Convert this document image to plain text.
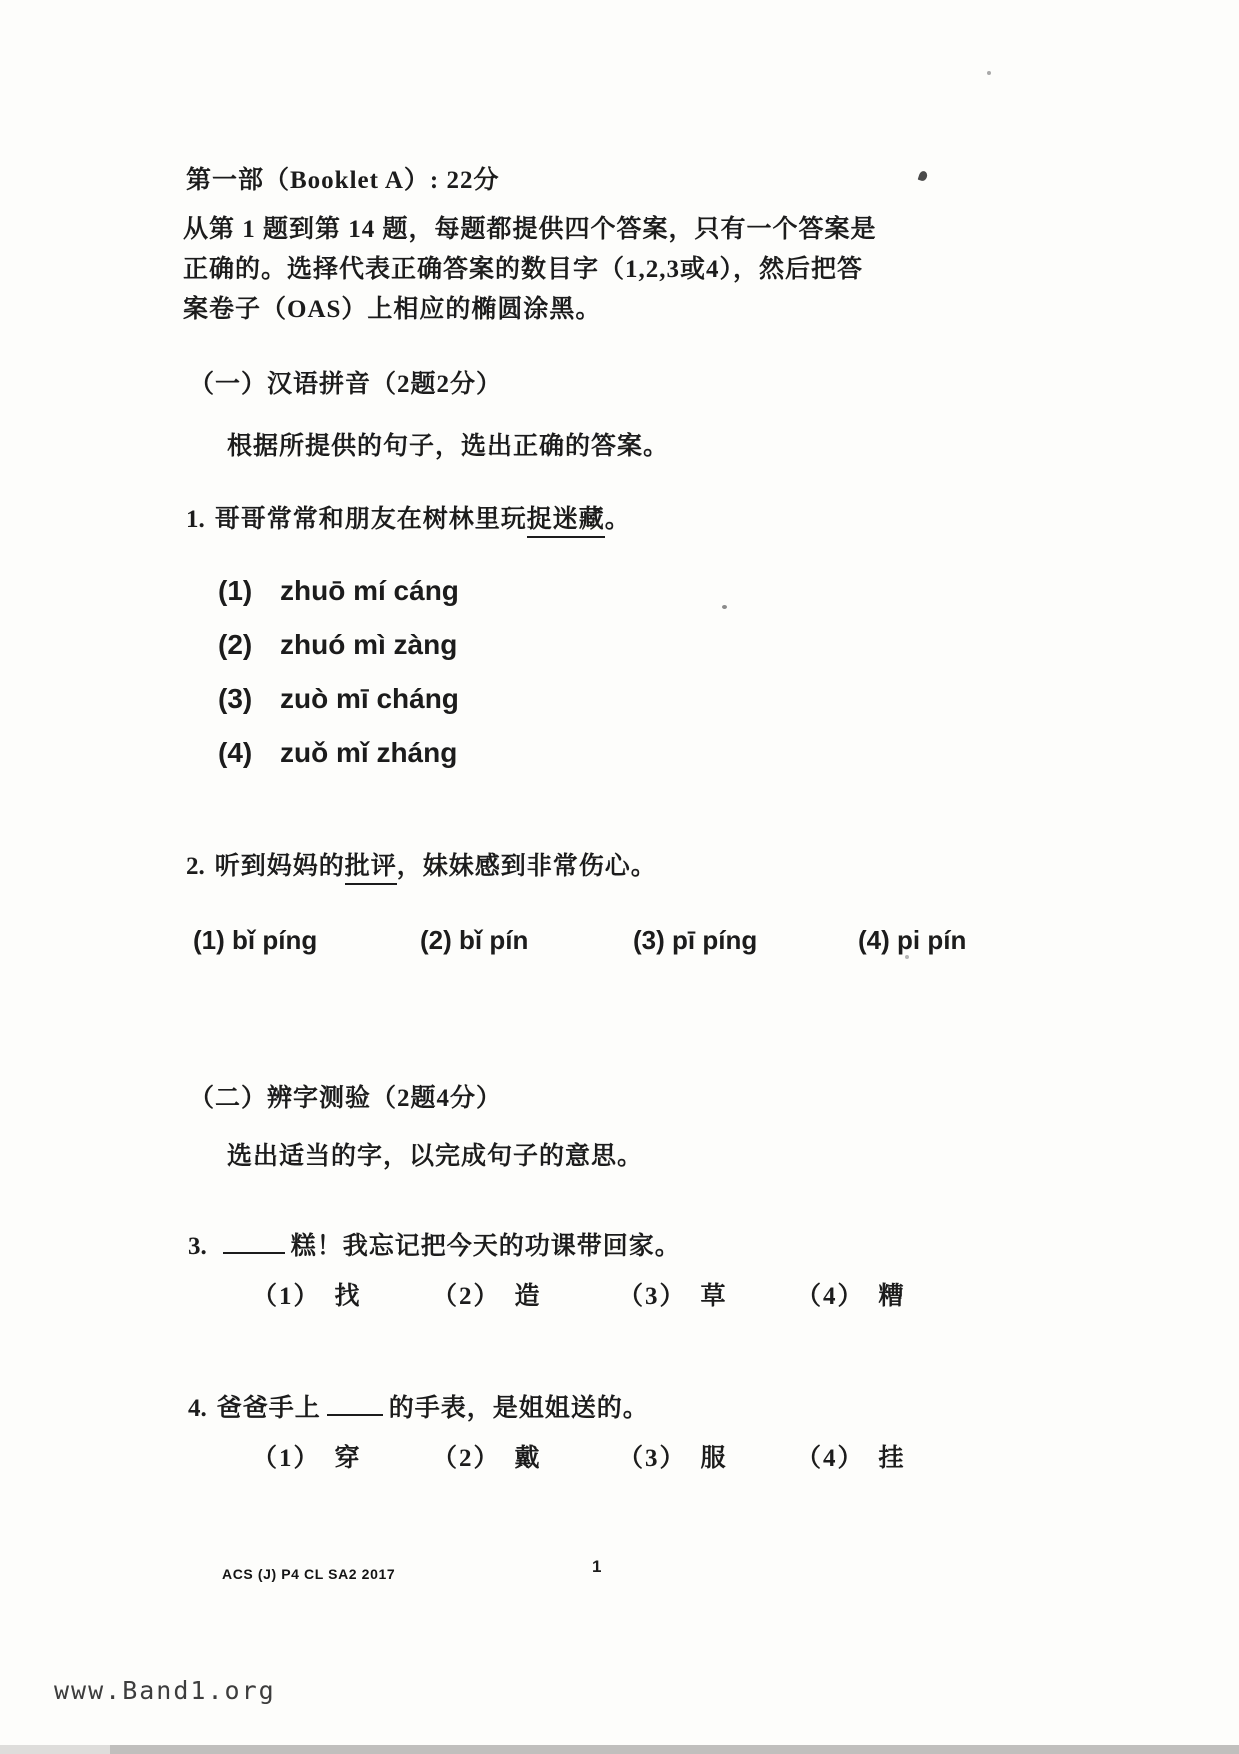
第一部（Booklet A）: 22分
从第 1 题到第 14 题，每题都提供四个答案，只有一个答案是
正确的。选择代表正确答案的数目字（1,2,3或4），然后把答
案卷子（OAS）上相应的椭圆涂黑。
（一）汉语拼音（2题2分）
根据所提供的句子，选出正确的答案。
1. 哥哥常常和朋友在树林里玩捉迷藏。
(1) zhuō mí cáng
(2) zhuó mì zàng
(3) zuò mī cháng
(4) zuǒ mǐ zháng
2. 听到妈妈的批评，妹妹感到非常伤心。
(1) bǐ píng	(2) bǐ pín	(3) pī píng	(4) pi pín
（二）辨字测验（2题4分）
选出适当的字，以完成句子的意思。
3.	糕！我忘记把今天的功课带回家。
（1） 找	（2） 造	（3） 草	（4） 糟
4. 爸爸手上	的手表，是姐姐送的。
（1） 穿	（2） 戴	（3） 服	（4） 挂
ACS (J) P4 CL SA2 2017	1
www.Band1.org
